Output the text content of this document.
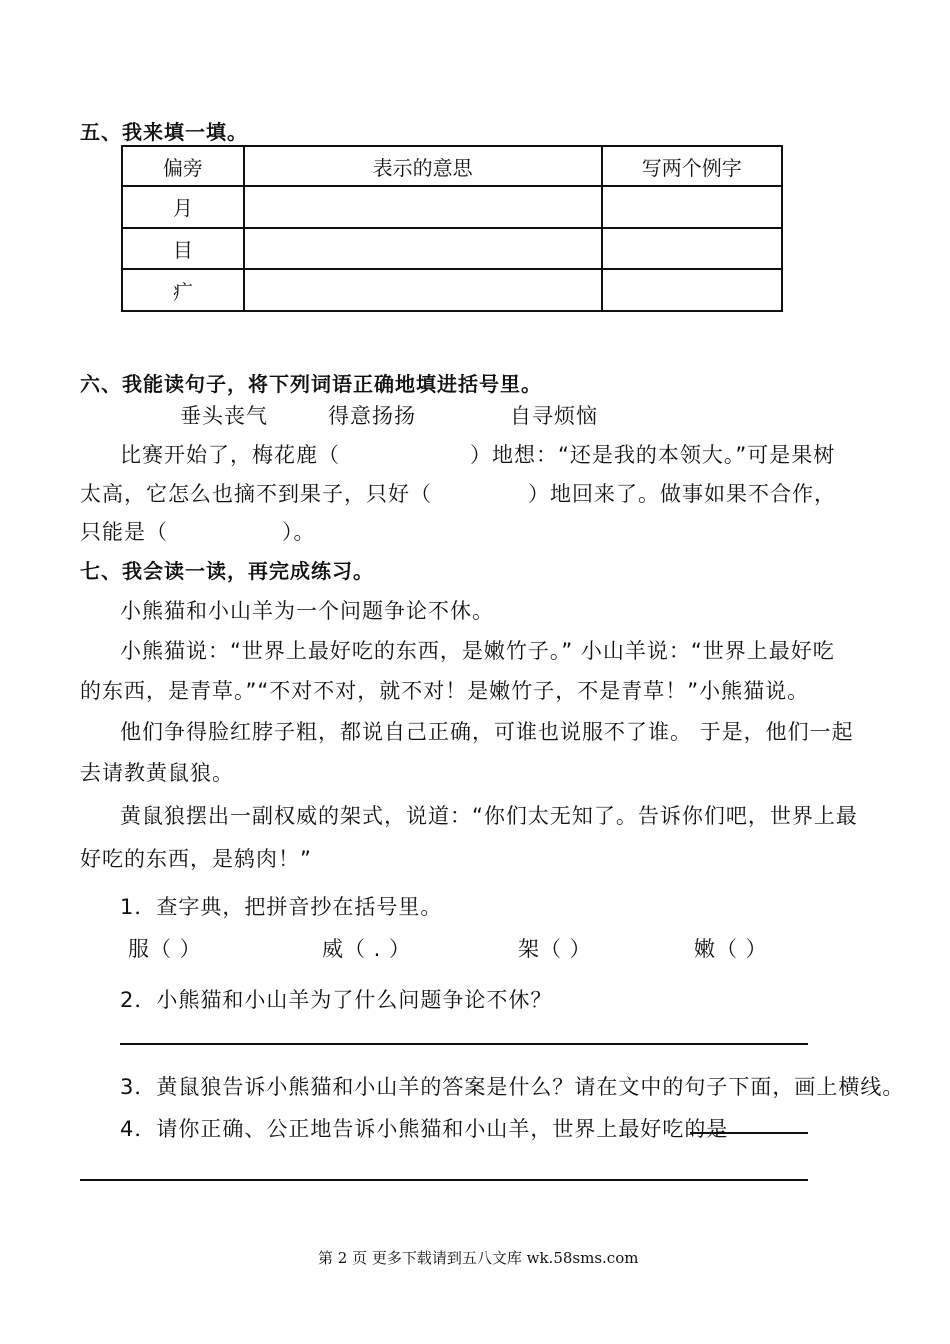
五、我来填一填。
偏旁	表示的意思	写两个例字
月		
目		
疒		
六、我能读句子，将下列词语正确地填进括号里。
垂头丧气	得意扬扬	自寻烦恼
比赛开始了，梅花鹿（	）地想：“还是我的本领大。”可是果树
太高，它怎么也摘不到果子，只好（	）地回来了。做事如果不合作，
只能是（	）。
七、我会读一读，再完成练习。
小熊猫和小山羊为一个问题争论不休。
小熊猫说：“世界上最好吃的东西，是嫩竹子。” 小山羊说：“世界上最好吃
的东西，是青草。”“不对不对，就不对！是嫩竹子，不是青草！”小熊猫说。
他们争得脸红脖子粗，都说自己正确，可谁也说服不了谁。 于是，他们一起
去请教黄鼠狼。
黄鼠狼摆出一副权威的架式，说道：“你们太无知了。告诉你们吧，世界上最
好吃的东西，是鸫肉！”
1．查字典，把拼音抄在括号里。
服（ ）	威（ . ）	架（ ）	嫩（ ）
2．小熊猫和小山羊为了什么问题争论不休？
3．黄鼠狼告诉小熊猫和小山羊的答案是什么？请在文中的句子下面，画上横线。
4．请你正确、公正地告诉小熊猫和小山羊，世界上最好吃的是
第 2 页 更多下载请到五八文库 wk.58sms.com
